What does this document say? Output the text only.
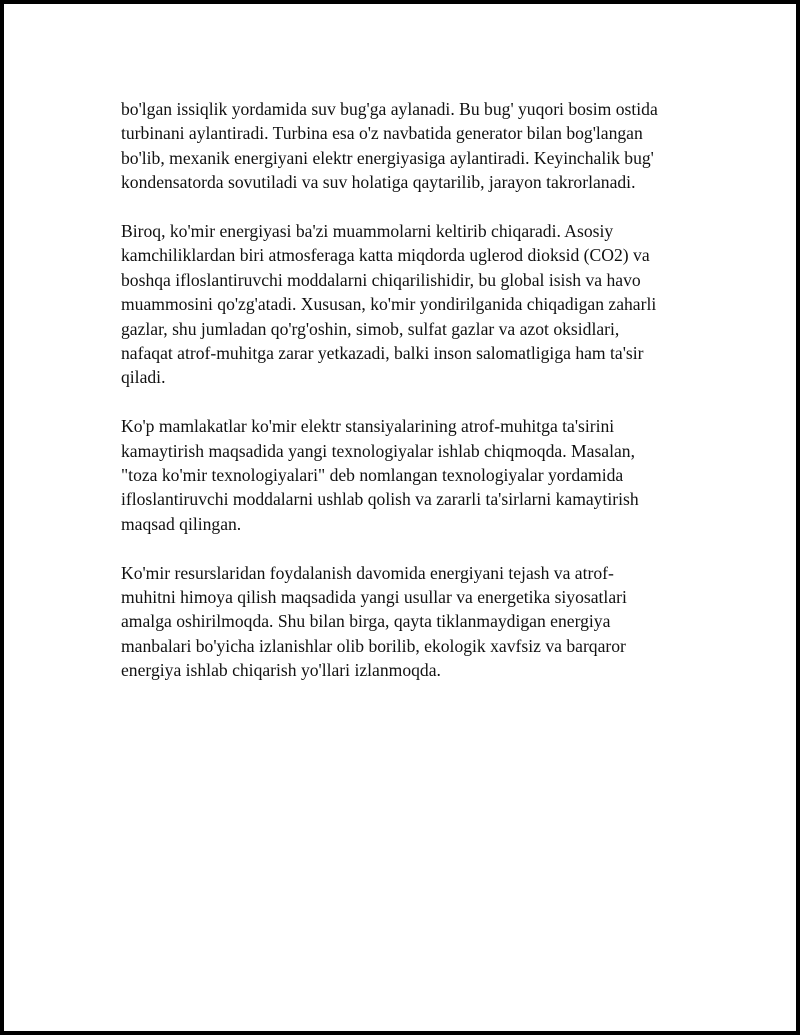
bo'lgan issiqlik yordamida suv bug'ga aylanadi. Bu bug' yuqori bosim ostida
turbinani aylantiradi. Turbina esa o'z navbatida generator bilan bog'langan
bo'lib, mexanik energiyani elektr energiyasiga aylantiradi. Keyinchalik bug'
kondensatorda sovutiladi va suv holatiga qaytarilib, jarayon takrorlanadi.

Biroq, ko'mir energiyasi ba'zi muammolarni keltirib chiqaradi. Asosiy
kamchiliklardan biri atmosferaga katta miqdorda uglerod dioksid (CO2) va
boshqa ifloslantiruvchi moddalarni chiqarilishidir, bu global isish va havo
muammosini qo'zg'atadi. Xususan, ko'mir yondirilganida chiqadigan zaharli
gazlar, shu jumladan qo'rg'oshin, simob, sulfat gazlar va azot oksidlari,
nafaqat atrof-muhitga zarar yetkazadi, balki inson salomatligiga ham ta'sir
qiladi.

Ko'p mamlakatlar ko'mir elektr stansiyalarining atrof-muhitga ta'sirini
kamaytirish maqsadida yangi texnologiyalar ishlab chiqmoqda. Masalan,
"toza ko'mir texnologiyalari" deb nomlangan texnologiyalar yordamida
ifloslantiruvchi moddalarni ushlab qolish va zararli ta'sirlarni kamaytirish
maqsad qilingan.

Ko'mir resurslaridan foydalanish davomida energiyani tejash va atrof-
muhitni himoya qilish maqsadida yangi usullar va energetika siyosatlari
amalga oshirilmoqda. Shu bilan birga, qayta tiklanmaydigan energiya
manbalari bo'yicha izlanishlar olib borilib, ekologik xavfsiz va barqaror
energiya ishlab chiqarish yo'llari izlanmoqda.
